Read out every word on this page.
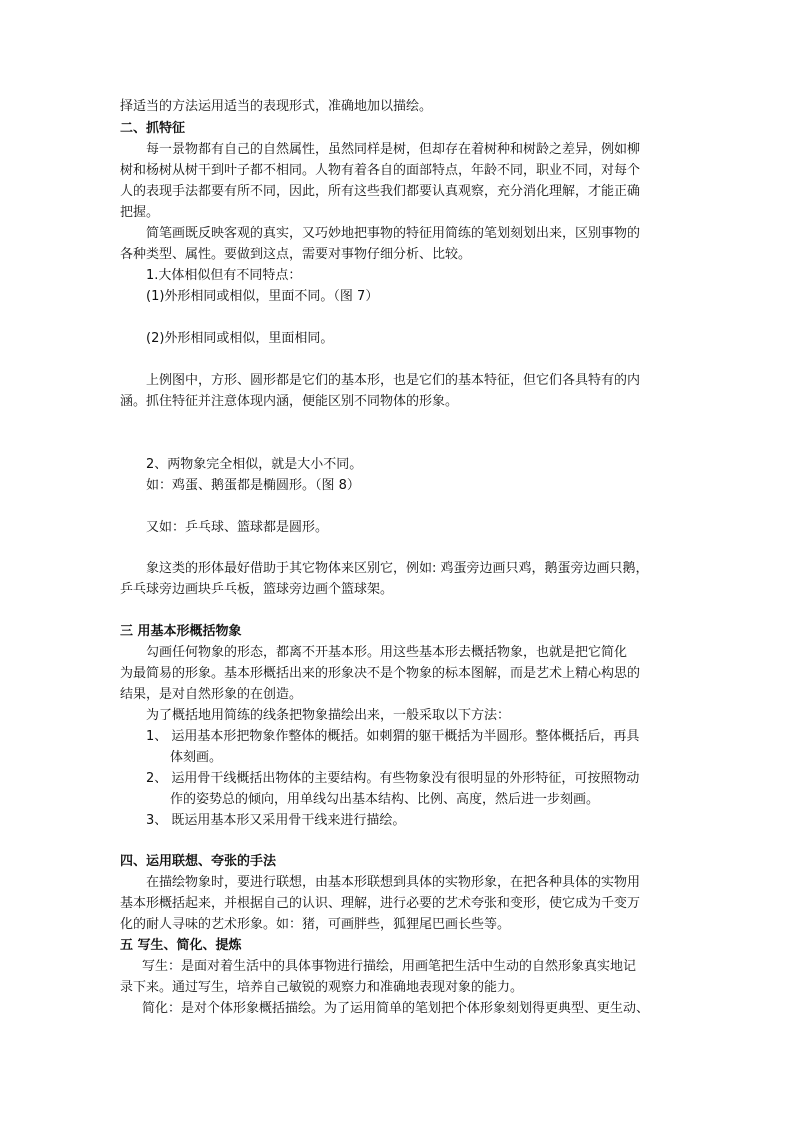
择适当的方法运用适当的表现形式，准确地加以描绘。

二、抓特征

每一景物都有自己的自然属性，虽然同样是树，但却存在着树种和树龄之差异，例如柳

树和杨树从树干到叶子都不相同。人物有着各自的面部特点，年龄不同，职业不同，对每个

人的表现手法都要有所不同，因此，所有这些我们都要认真观察，充分消化理解，才能正确

把握。

简笔画既反映客观的真实，又巧妙地把事物的特征用简练的笔划刻划出来，区别事物的

各种类型、属性。要做到这点，需要对事物仔细分析、比较。

1.大体相似但有不同特点：

(1)外形相同或相似，里面不同。（图 7）

(2)外形相同或相似，里面相同。

上例图中，方形、圆形都是它们的基本形，也是它们的基本特征，但它们各具特有的内

涵。抓住特征并注意体现内涵，便能区别不同物体的形象。

2、两物象完全相似，就是大小不同。

如：鸡蛋、鹅蛋都是椭圆形。（图 8）

又如：乒乓球、篮球都是圆形。

象这类的形体最好借助于其它物体来区别它，例如: 鸡蛋旁边画只鸡，鹅蛋旁边画只鹅，

乒乓球旁边画块乒乓板，篮球旁边画个篮球架。

三 用基本形概括物象

勾画任何物象的形态，都离不开基本形。用这些基本形去概括物象，也就是把它简化

为最简易的形象。基本形概括出来的形象决不是个物象的标本图解，而是艺术上精心构思的

结果，是对自然形象的在创造。

为了概括地用简练的线条把物象描绘出来，一般采取以下方法：

1、 运用基本形把物象作整体的概括。如刺猬的躯干概括为半圆形。整体概括后，再具

体刻画。

2、 运用骨干线概括出物体的主要结构。有些物象没有很明显的外形特征，可按照物动

作的姿势总的倾向，用单线勾出基本结构、比例、高度，然后进一步刻画。

3、 既运用基本形又采用骨干线来进行描绘。

四、运用联想、夸张的手法

在描绘物象时，要进行联想，由基本形联想到具体的实物形象，在把各种具体的实物用

基本形概括起来，并根据自己的认识、理解，进行必要的艺术夸张和变形，使它成为千变万

化的耐人寻味的艺术形象。如：猪，可画胖些，狐狸尾巴画长些等。

五 写生、简化、提炼

写生：是面对着生活中的具体事物进行描绘，用画笔把生活中生动的自然形象真实地记

录下来。通过写生，培养自己敏锐的观察力和准确地表现对象的能力。

简化：是对个体形象概括描绘。为了运用简单的笔划把个体形象刻划得更典型、更生动、
